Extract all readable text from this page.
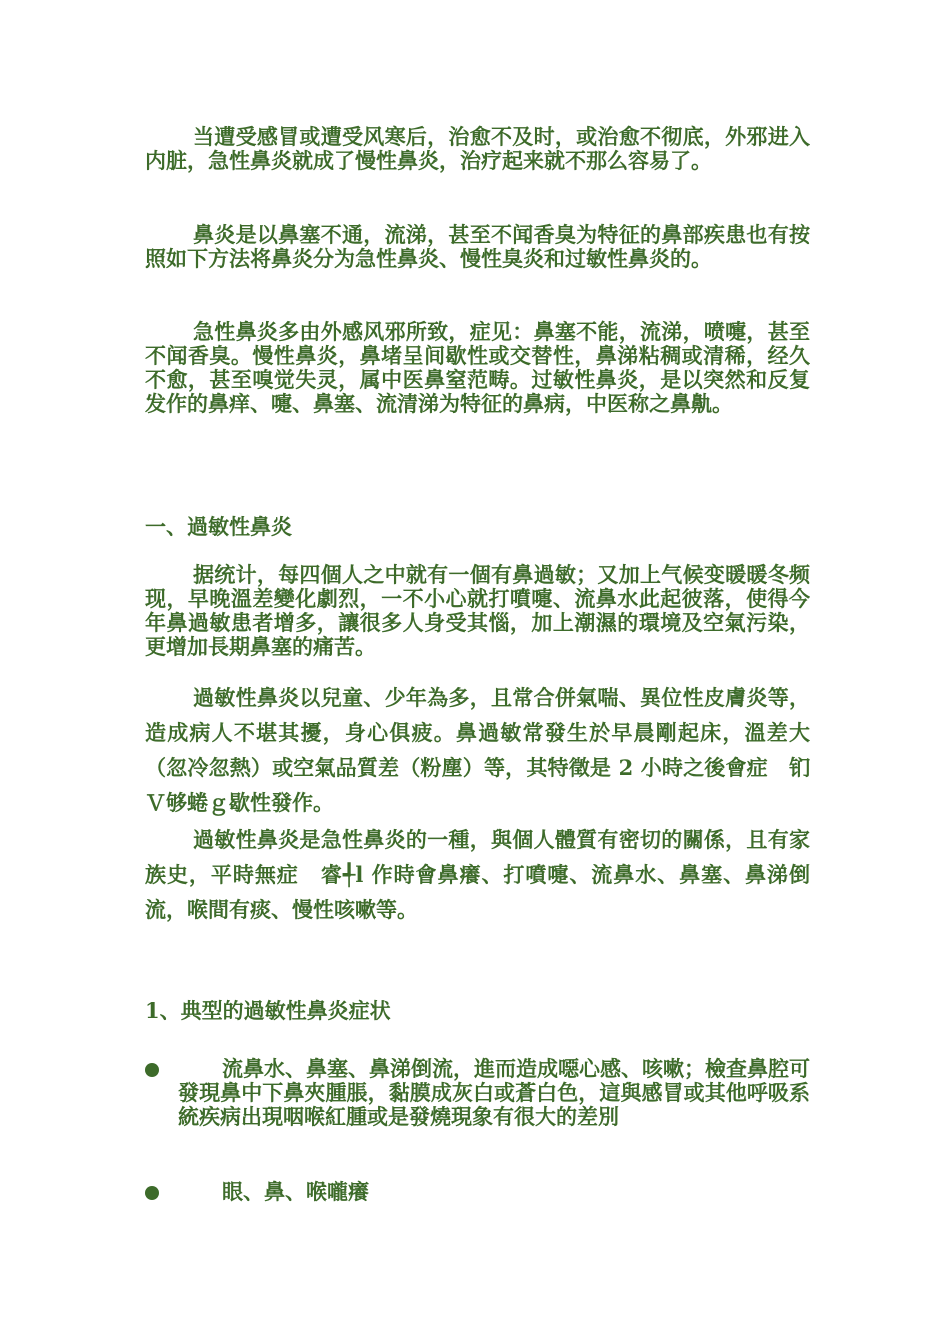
当遭受感冒或遭受风寒后，治愈不及时，或治愈不彻底，外邪进入内脏，急性鼻炎就成了慢性鼻炎，治疗起来就不那么容易了。

鼻炎是以鼻塞不通，流涕，甚至不闻香臭为特征的鼻部疾患也有按照如下方法将鼻炎分为急性鼻炎、慢性臭炎和过敏性鼻炎的。

急性鼻炎多由外感风邪所致，症见：鼻塞不能，流涕，喷嚏，甚至不闻香臭。慢性鼻炎，鼻堵呈间歇性或交替性，鼻涕粘稠或清稀，经久不愈，甚至嗅觉失灵，属中医鼻窒范畴。过敏性鼻炎，是以突然和反复发作的鼻痒、嚏、鼻塞、流清涕为特征的鼻病，中医称之鼻鼽。

一、過敏性鼻炎

据统计，每四個人之中就有一個有鼻過敏；又加上气候变暖暖冬频现，早晚溫差變化劇烈，一不小心就打噴嚏、流鼻水此起彼落，使得今年鼻過敏患者增多，讓很多人身受其惱，加上潮濕的環境及空氣污染，更增加長期鼻塞的痛苦。

過敏性鼻炎以兒童、少年為多，且常合併氣喘、異位性皮膚炎等，造成病人不堪其擾，身心俱疲。鼻過敏常發生於早晨剛起床，溫差大（忽冷忽熱）或空氣品質差（粉塵）等，其特徵是 2 小時之後會症　钔Ｖ够蜷ｇ歇性發作。

過敏性鼻炎是急性鼻炎的一種，與個人體質有密切的關係，且有家族史，平時無症　睿╃l 作時會鼻癢、打噴嚏、流鼻水、鼻塞、鼻涕倒流，喉間有痰、慢性咳嗽等。

1、典型的過敏性鼻炎症状

流鼻水、鼻塞、鼻涕倒流，進而造成噁心感、咳嗽；檢查鼻腔可發現鼻中下鼻夾腫脹，黏膜成灰白或蒼白色，這與感冒或其他呼吸系統疾病出現咽喉紅腫或是發燒現象有很大的差別

眼、鼻、喉嚨癢
